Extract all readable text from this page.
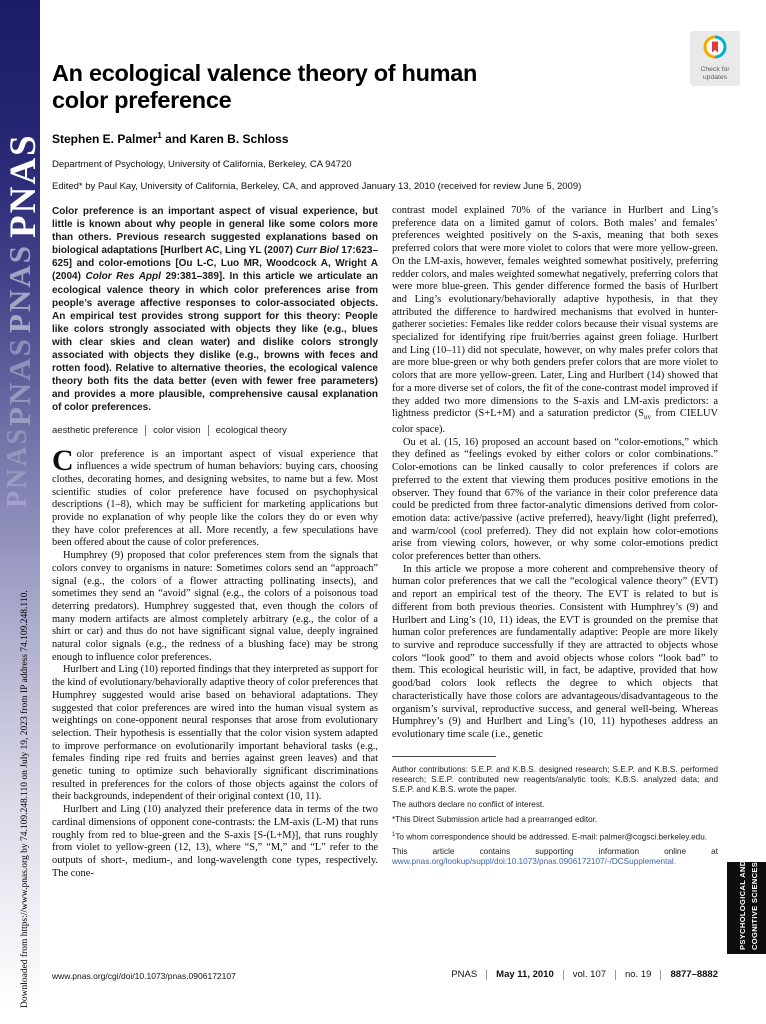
PNAS
PNAS
PNAS
PNAS
Downloaded from https://www.pnas.org by 74.109.248.110 on July 19, 2023 from IP address 74.109.248.110.
Check for
updates
An ecological valence theory of human
color preference
Stephen E. Palmer$^1$ and Karen B. Schloss
Department of Psychology, University of California, Berkeley, CA 94720
Edited* by Paul Kay, University of California, Berkeley, CA, and approved January 13, 2010 (received for review June 5, 2009)

Color preference is an important aspect of visual experience, but little is known about why people in general like some colors more than others. Previous research suggested explanations based on biological adaptations [Hurlbert AC, Ling YL (2007) Curr Biol 17:623–625] and color-emotions [Ou L-C, Luo MR, Woodcock A, Wright A (2004) Color Res Appl 29:381–389]. In this article we articulate an ecological valence theory in which color preferences arise from people’s average affective responses to color-associated objects. An empirical test provides strong support for this theory: People like colors strongly associated with objects they like (e.g., blues with clear skies and clean water) and dislike colors strongly associated with objects they dislike (e.g., browns with feces and rotten food). Relative to alternative theories, the ecological valence theory both fits the data better (even with fewer free parameters) and provides a more plausible, comprehensive causal explanation of color preferences.

aesthetic preference color vision ecological theory

Color preference is an important aspect of visual experience that influences a wide spectrum of human behaviors: buying cars, choosing clothes, decorating homes, and designing websites, to name but a few. Most scientific studies of color preference have focused on psychophysical descriptions (1–8), which may be sufficient for marketing applications but provide no explanation of why people like the colors they do or even why they have color preferences at all. More recently, a few speculations have been offered about the cause of color preferences.

Humphrey (9) proposed that color preferences stem from the signals that colors convey to organisms in nature: Sometimes colors send an “approach” signal (e.g., the colors of a flower attracting pollinating insects), and sometimes they send an “avoid” signal (e.g., the colors of a poisonous toad deterring predators). Humphrey suggested that, even though the colors of many modern artifacts are almost completely arbitrary (e.g., the color of a shirt or car) and thus do not have significant signal value, deeply ingrained natural color signals (e.g., the redness of a blushing face) may be strong enough to influence color preferences.

Hurlbert and Ling (10) reported findings that they interpreted as support for the kind of evolutionary/behaviorally adaptive theory of color preferences that Humphrey suggested would arise based on behavioral adaptations. They suggested that color preferences are wired into the human visual system as weightings on cone-opponent neural responses that arose from evolutionary selection. Their hypothesis is essentially that the color vision system adapted to improve performance on evolutionarily important behavioral tasks (e.g., females finding ripe red fruits and berries against green leaves) and that genetic tuning to optimize such behaviorally significant discriminations resulted in preferences for the colors of those objects against the colors of their backgrounds, independent of their original context (10, 11).

Hurlbert and Ling (10) analyzed their preference data in terms of the two cardinal dimensions of opponent cone-contrasts: the LM-axis (L-M) that runs roughly from red to blue-green and the S-axis [S-(L+M)], that runs roughly from violet to yellow-green (12, 13), where “S,” “M,” and “L” refer to the outputs of short-, medium-, and long-wavelength cone types, respectively. The cone-

contrast model explained 70% of the variance in Hurlbert and Ling’s preference data on a limited gamut of colors. Both males’ and females’ preferences weighted positively on the S-axis, meaning that both sexes preferred colors that were more violet to colors that were more yellow-green. On the LM-axis, however, females weighted somewhat positively, preferring redder colors, and males weighted somewhat negatively, preferring colors that were more blue-green. This gender difference formed the basis of Hurlbert and Ling’s evolutionary/behaviorally adaptive hypothesis, in that they attributed the difference to hardwired mechanisms that evolved in hunter-gatherer societies: Females like redder colors because their visual systems are specialized for identifying ripe fruit/berries against green foliage. Hurlbert and Ling (10–11) did not speculate, however, on why males prefer colors that are more blue-green or why both genders prefer colors that are more violet to colors that are more yellow-green. Later, Ling and Hurlbert (14) showed that for a more diverse set of colors, the fit of the cone-contrast model improved if they added two more dimensions to the S-axis and LM-axis predictors: a lightness predictor (S+L+M) and a saturation predictor ($S_{uv}$ from CIELUV color space).

Ou et al. (15, 16) proposed an account based on “color-emotions,” which they defined as “feelings evoked by either colors or color combinations.” Color-emotions can be linked causally to color preferences if colors are preferred to the extent that viewing them produces positive emotions in the observer. They found that 67% of the variance in their color preference data could be predicted from three factor-analytic dimensions derived from color-emotion data: active/passive (active preferred), heavy/light (light preferred), and warm/cool (cool preferred). They did not explain how color-emotions arise from viewing colors, however, or why some color-emotions predict color preferences better than others.

In this article we propose a more coherent and comprehensive theory of human color preferences that we call the “ecological valence theory” (EVT) and report an empirical test of the theory. The EVT is related to but is different from both previous theories. Consistent with Humphrey’s (9) and Hurlbert and Ling’s (10, 11) ideas, the EVT is grounded on the premise that human color preferences are fundamentally adaptive: People are more likely to survive and reproduce successfully if they are attracted to objects whose colors “look good” to them and avoid objects whose colors “look bad” to them. This ecological heuristic will, in fact, be adaptive, provided that how good/bad colors look reflects the degree to which objects that characteristically have those colors are advantageous/disadvantageous to the organism’s survival, reproductive success, and general well-being. Whereas Humphrey’s (9) and Hurlbert and Ling’s (10, 11) hypotheses address an evolutionary time scale (i.e., genetic

Author contributions: S.E.P. and K.B.S. designed research; S.E.P. and K.B.S. performed research; S.E.P. contributed new reagents/analytic tools; K.B.S. analyzed data; and S.E.P. and K.B.S. wrote the paper.

The authors declare no conflict of interest.

*This Direct Submission article had a prearranged editor.

$^1$To whom correspondence should be addressed. E-mail: palmer@cogsci.berkeley.edu.

This article contains supporting information online at www.pnas.org/lookup/suppl/doi:10.1073/pnas.0906172107/-/DCSupplemental.

www.pnas.org/cgi/doi/10.1073/pnas.0906172107	PNAS May 11, 2010 vol. 107 no. 19 8877–8882
PSYCHOLOGICAL AND COGNITIVE SCIENCES
